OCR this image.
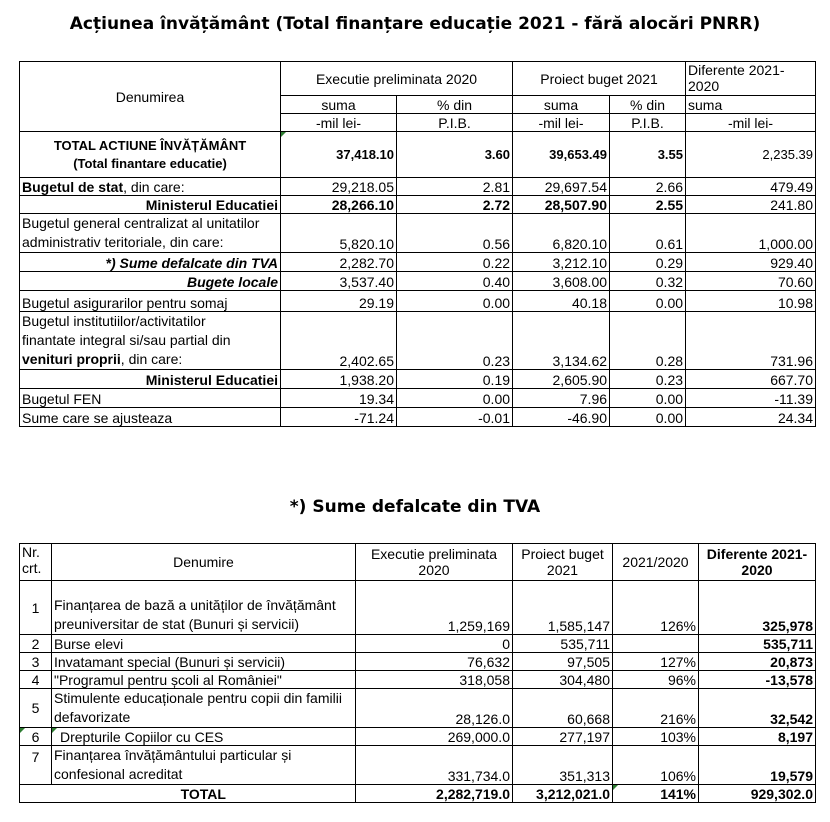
Acțiunea învățământ (Total finanțare educație 2021 - fără alocări PNRR)
Denumirea	Executie preliminata 2020		Proiect buget 2021		Diferente 2021-2020
	suma	% din	suma	% din	suma
	-mil lei-	P.I.B.	-mil lei-	P.I.B.	-mil lei-
TOTAL ACTIUNE ÎNVĂȚĂMÂNT
(Total finantare educatie)	37,418.10	3.60	39,653.49	3.55	2,235.39
Bugetul de stat, din care:	29,218.05	2.81	29,697.54	2.66	479.49
Ministerul Educatiei	28,266.10	2.72	28,507.90	2.55	241.80
Bugetul general centralizat al unitatilor
administrativ teritoriale, din care:	5,820.10	0.56	6,820.10	0.61	1,000.00
*) Sume defalcate din TVA	2,282.70	0.22	3,212.10	0.29	929.40
Bugete locale	3,537.40	0.40	3,608.00	0.32	70.60
Bugetul asigurarilor pentru somaj	29.19	0.00	40.18	0.00	10.98
Bugetul institutiilor/activitatilor
finantate integral si/sau partial din
venituri proprii, din care:	2,402.65	0.23	3,134.62	0.28	731.96
Ministerul Educatiei	1,938.20	0.19	2,605.90	0.23	667.70
Bugetul FEN	19.34	0.00	7.96	0.00	-11.39
Sume care se ajusteaza	-71.24	-0.01	-46.90	0.00	24.34
*) Sume defalcate din TVA
Nr. crt.	Denumire	Executie preliminata 2020	Proiect buget 2021	2021/2020	Diferente 2021-2020
1	Finanțarea de bază a unităților de învățământ preuniversitar de stat (Bunuri și servicii)	1,259,169	1,585,147	126%	325,978
2	Burse elevi	0	535,711		535,711
3	Invatamant special (Bunuri și servicii)	76,632	97,505	127%	20,873
4	"Programul pentru școli al României"	318,058	304,480	96%	-13,578
5	Stimulente educaționale pentru copii din familii defavorizate	28,126.0	60,668	216%	32,542
6	Drepturile Copiilor cu CES	269,000.0	277,197	103%	8,197
7	Finanțarea învățământului particular și confesional acreditat	331,734.0	351,313	106%	19,579
	TOTAL	2,282,719.0	3,212,021.0	141%	929,302.0
